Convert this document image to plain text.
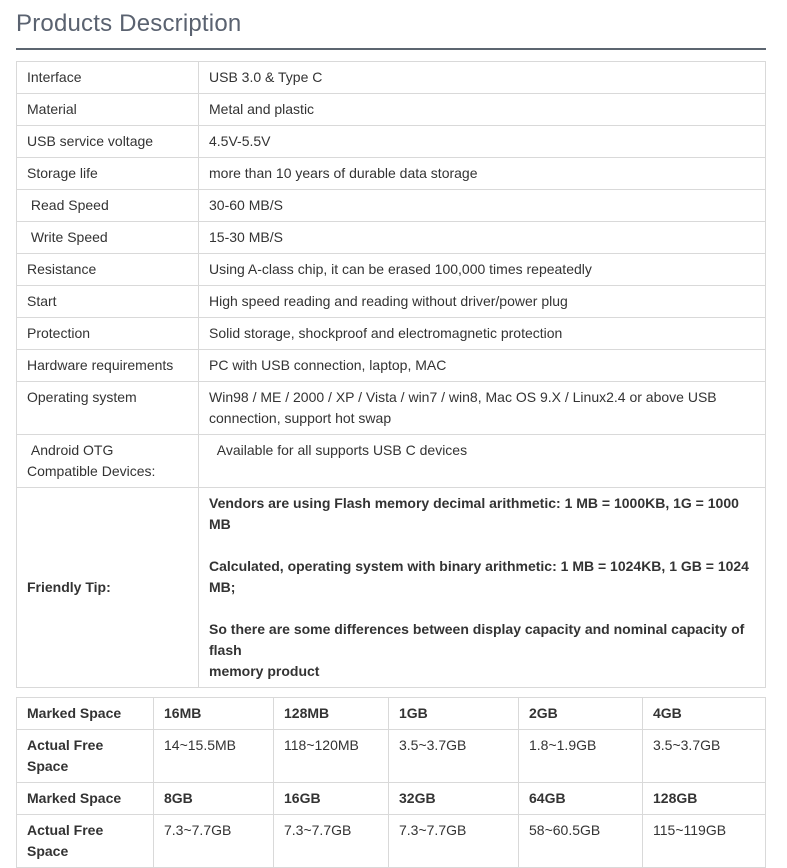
Products Description
Interface	USB 3.0 & Type C
Material	Metal and plastic
USB service voltage	4.5V-5.5V
Storage life	more than 10 years of durable data storage
Read Speed	30-60 MB/S
Write Speed	15-30 MB/S
Resistance	Using A-class chip, it can be erased 100,000 times repeatedly
Start	High speed reading and reading without driver/power plug
Protection	Solid storage, shockproof and electromagnetic protection
Hardware requirements	PC with USB connection, laptop, MAC
Operating system	Win98 / ME / 2000 / XP / Vista / win7 / win8, Mac OS 9.X / Linux2.4 or above USB connection, support hot swap
Android OTG Compatible Devices:	Available for all supports USB C devices
Friendly Tip:	Vendors are using Flash memory decimal arithmetic: 1 MB = 1000KB, 1G = 1000 MB

Calculated, operating system with binary arithmetic: 1 MB = 1024KB, 1 GB = 1024 MB;

So there are some differences between display capacity and nominal capacity of flash

memory product

Marked Space	16MB	128MB	1GB	2GB	4GB
Actual Free Space	14~15.5MB	118~120MB	3.5~3.7GB	1.8~1.9GB	3.5~3.7GB
Marked Space	8GB	16GB	32GB	64GB	128GB
Actual Free Space	7.3~7.7GB	7.3~7.7GB	7.3~7.7GB	58~60.5GB	115~119GB
